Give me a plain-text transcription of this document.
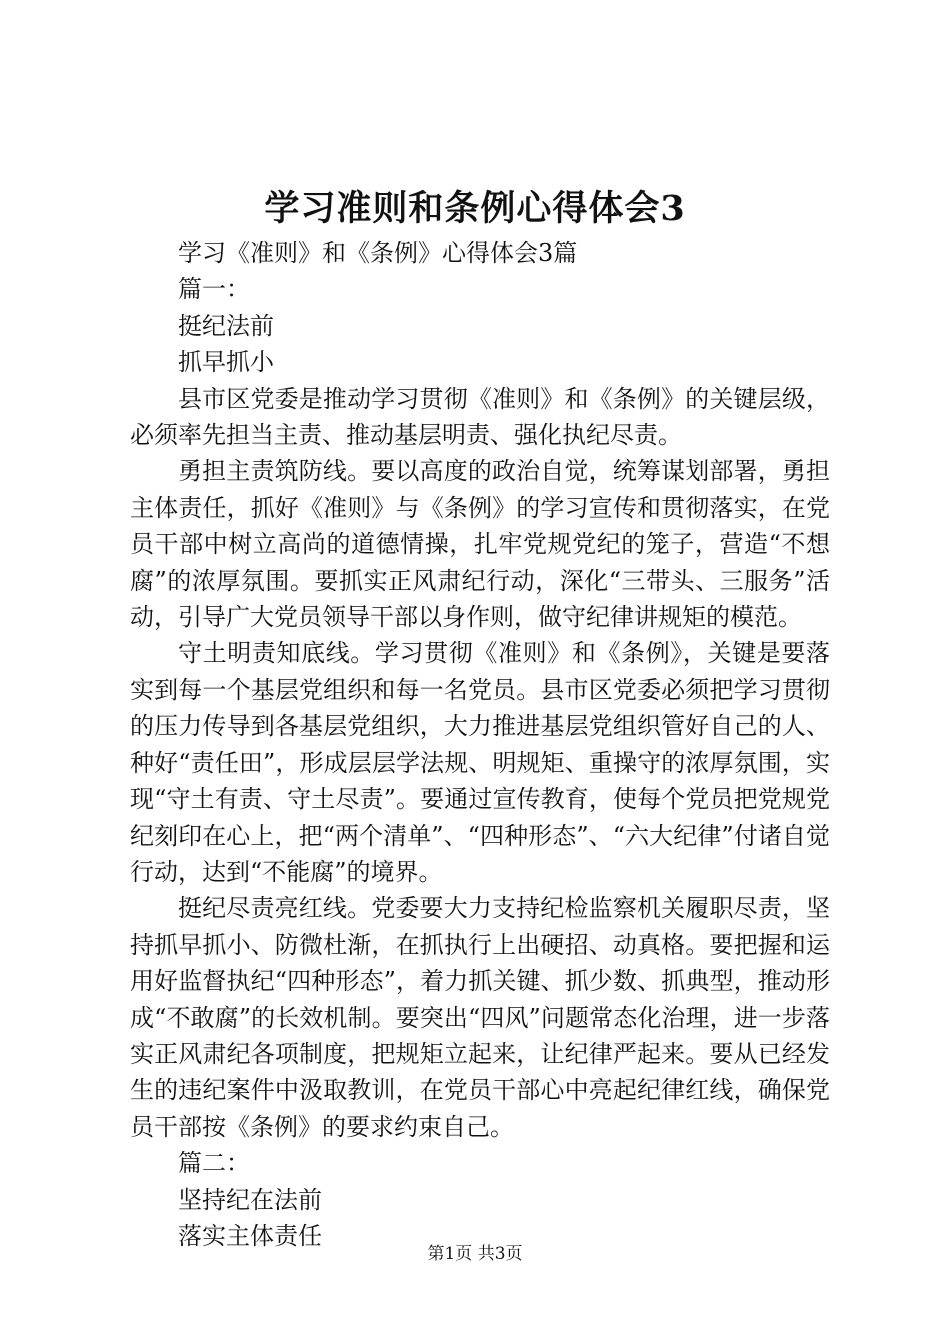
学习准则和条例心得体会3

学习《准则》和《条例》心得体会3篇

篇一：

挺纪法前

抓早抓小

县市区党委是推动学习贯彻《准则》和《条例》的关键层级，必须率先担当主责、推动基层明责、强化执纪尽责。

勇担主责筑防线。要以高度的政治自觉，统筹谋划部署，勇担主体责任，抓好《准则》与《条例》的学习宣传和贯彻落实，在党员干部中树立高尚的道德情操，扎牢党规党纪的笼子，营造“不想腐”的浓厚氛围。要抓实正风肃纪行动，深化“三带头、三服务”活动，引导广大党员领导干部以身作则，做守纪律讲规矩的模范。

守土明责知底线。学习贯彻《准则》和《条例》，关键是要落实到每一个基层党组织和每一名党员。县市区党委必须把学习贯彻的压力传导到各基层党组织，大力推进基层党组织管好自己的人、种好“责任田”，形成层层学法规、明规矩、重操守的浓厚氛围，实现“守土有责、守土尽责”。要通过宣传教育，使每个党员把党规党纪刻印在心上，把“两个清单”、“四种形态”、“六大纪律”付诸自觉行动，达到“不能腐”的境界。

挺纪尽责亮红线。党委要大力支持纪检监察机关履职尽责，坚持抓早抓小、防微杜渐，在抓执行上出硬招、动真格。要把握和运用好监督执纪“四种形态”，着力抓关键、抓少数、抓典型，推动形成“不敢腐”的长效机制。要突出“四风”问题常态化治理，进一步落实正风肃纪各项制度，把规矩立起来，让纪律严起来。要从已经发生的违纪案件中汲取教训，在党员干部心中亮起纪律红线，确保党员干部按《条例》的要求约束自己。

篇二：

坚持纪在法前

落实主体责任

第1页 共3页
